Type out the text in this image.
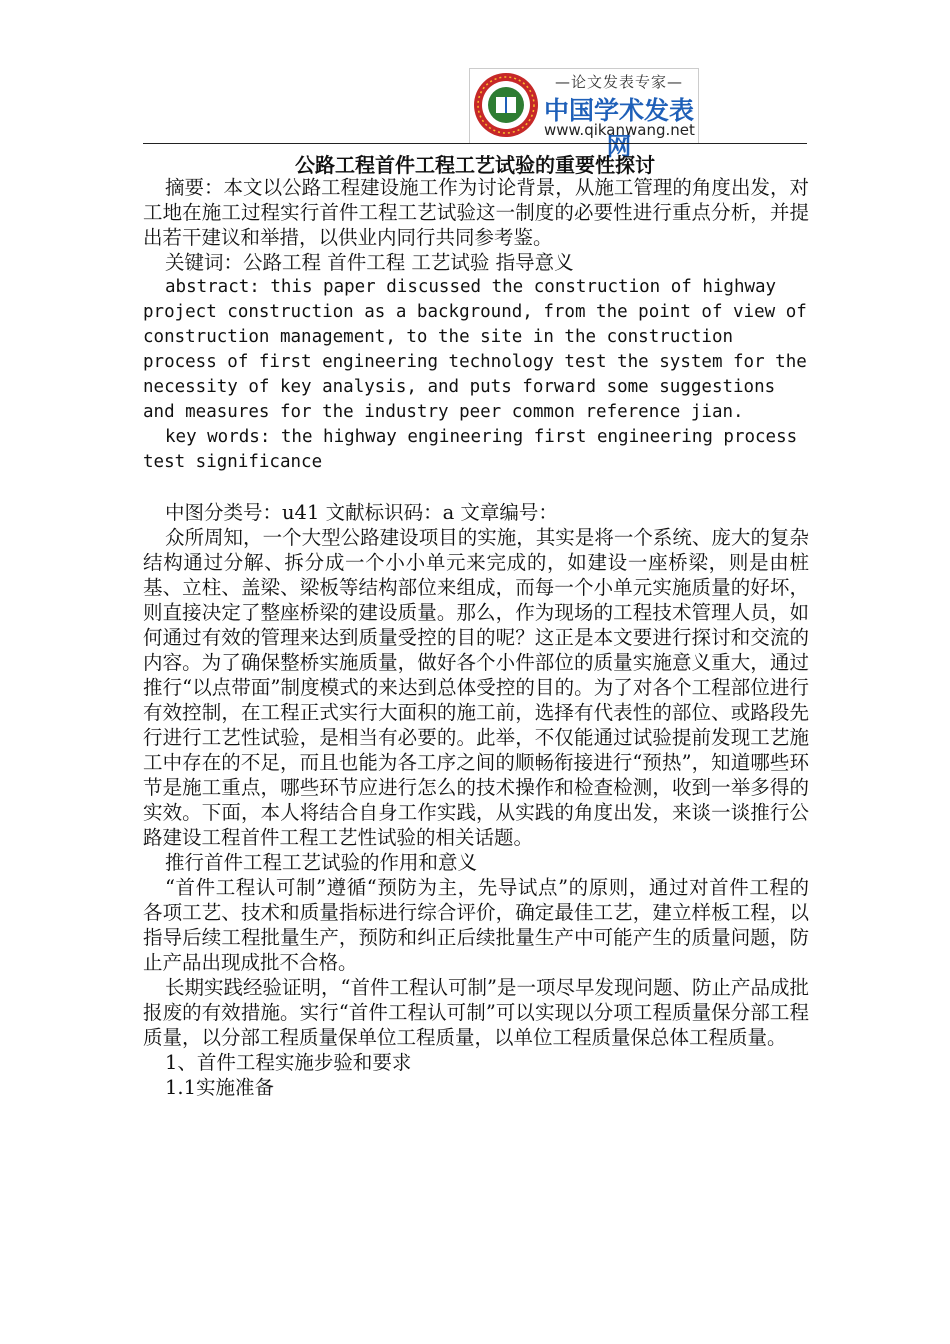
—论文发表专家—
中国学术发表网
www.qikanwang.net
公路工程首件工程工艺试验的重要性探讨

摘要：本文以公路工程建设施工作为讨论背景，从施工管理的角度出发，对工地在施工过程实行首件工程工艺试验这一制度的必要性进行重点分析，并提出若干建议和举措，以供业内同行共同参考鉴。

关键词：公路工程 首件工程 工艺试验 指导意义

abstract: this paper discussed the construction of highway project construction as a background, from the point of view of construction management, to the site in the construction process of first engineering technology test the system for the necessity of key analysis, and puts forward some suggestions and measures for the industry peer common reference jian.

key words: the highway engineering first engineering process test significance

中图分类号：u41 文献标识码：a 文章编号：

众所周知，一个大型公路建设项目的实施，其实是将一个系统、庞大的复杂结构通过分解、拆分成一个小小单元来完成的，如建设一座桥梁，则是由桩基、立柱、盖梁、梁板等结构部位来组成，而每一个小单元实施质量的好坏，则直接决定了整座桥梁的建设质量。那么，作为现场的工程技术管理人员，如何通过有效的管理来达到质量受控的目的呢？这正是本文要进行探讨和交流的内容。为了确保整桥实施质量，做好各个小件部位的质量实施意义重大，通过推行“以点带面”制度模式的来达到总体受控的目的。为了对各个工程部位进行有效控制，在工程正式实行大面积的施工前，选择有代表性的部位、或路段先行进行工艺性试验，是相当有必要的。此举，不仅能通过试验提前发现工艺施工中存在的不足，而且也能为各工序之间的顺畅衔接进行“预热”，知道哪些环节是施工重点，哪些环节应进行怎么的技术操作和检查检测，收到一举多得的实效。下面，本人将结合自身工作实践，从实践的角度出发，来谈一谈推行公路建设工程首件工程工艺性试验的相关话题。

推行首件工程工艺试验的作用和意义

“首件工程认可制”遵循“预防为主，先导试点”的原则，通过对首件工程的各项工艺、技术和质量指标进行综合评价，确定最佳工艺，建立样板工程，以指导后续工程批量生产，预防和纠正后续批量生产中可能产生的质量问题，防止产品出现成批不合格。

长期实践经验证明，“首件工程认可制”是一项尽早发现问题、防止产品成批报废的有效措施。实行“首件工程认可制”可以实现以分项工程质量保分部工程质量，以分部工程质量保单位工程质量，以单位工程质量保总体工程质量。

1、首件工程实施步验和要求

1.1实施准备
